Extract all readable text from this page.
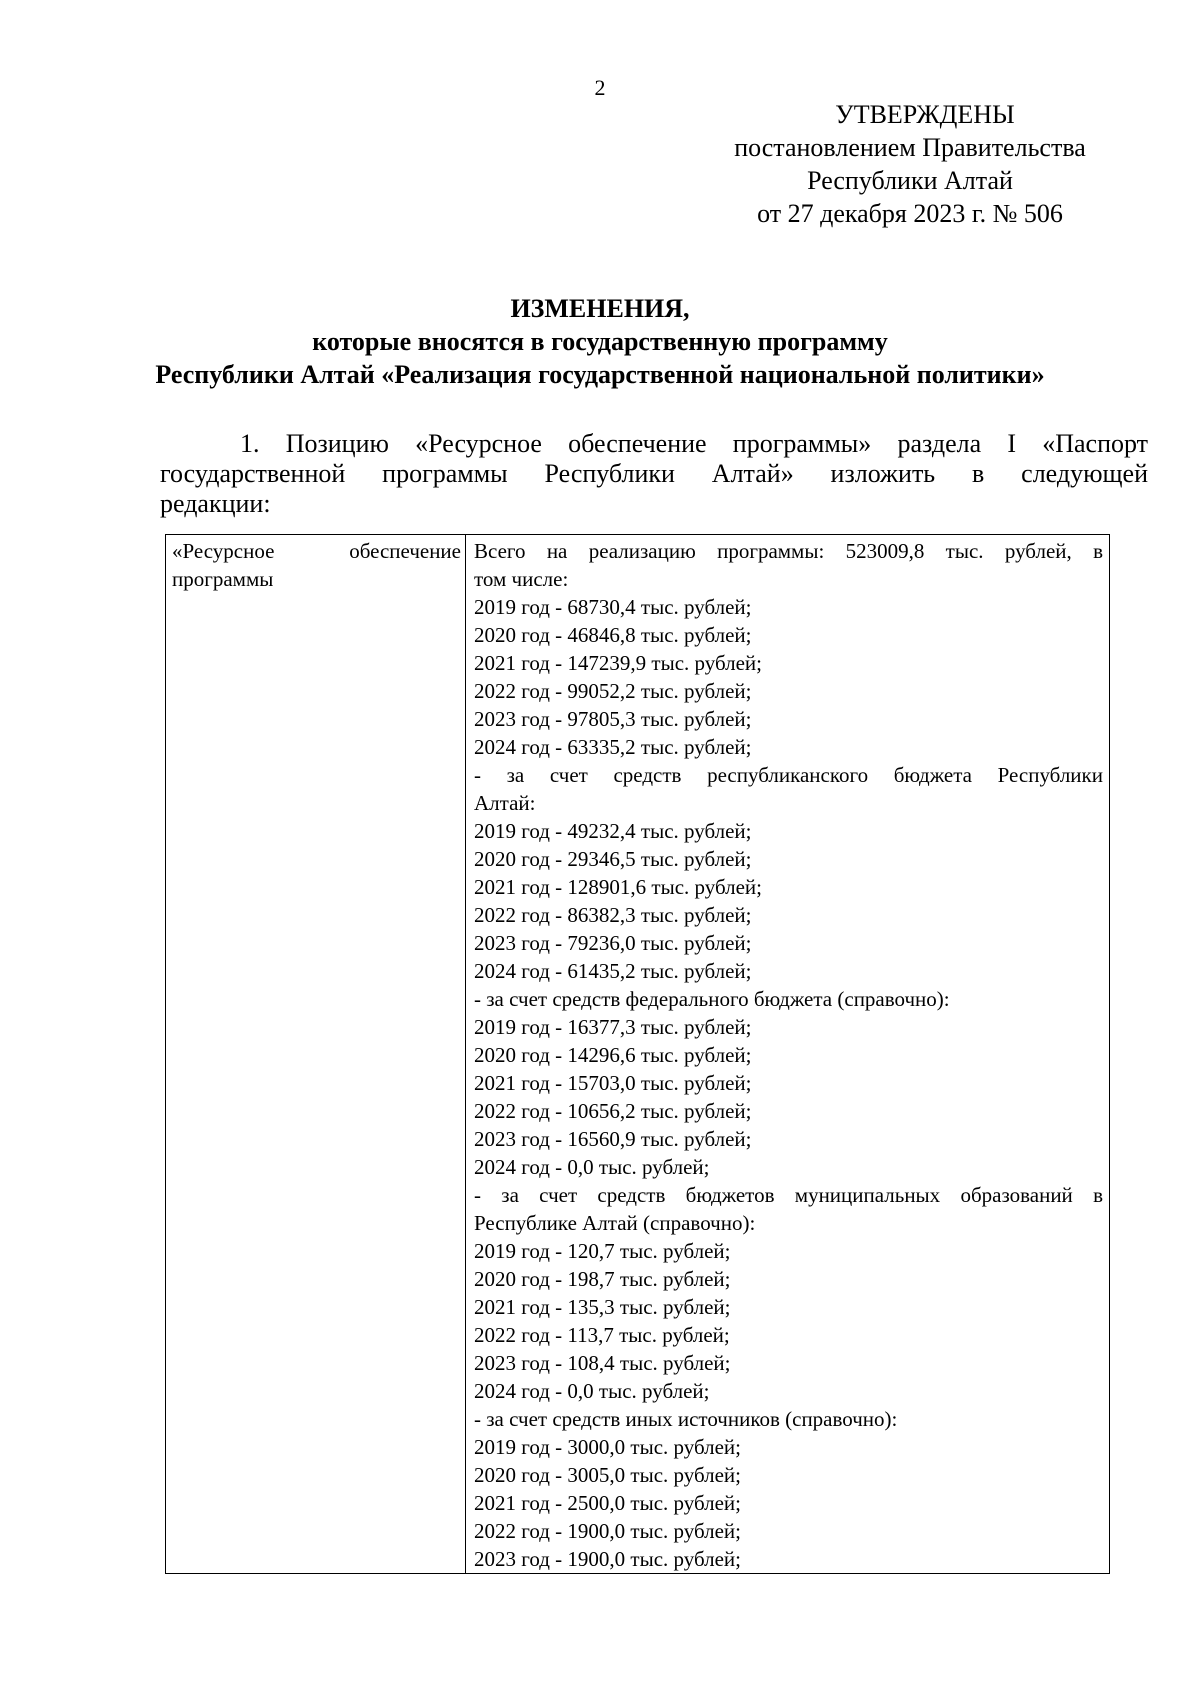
2
УТВЕРЖДЕНЫ
постановлением Правительства
Республики Алтай
от 27 декабря 2023 г. № 506
ИЗМЕНЕНИЯ,
которые вносятся в государственную программу
Республики Алтай «Реализация государственной национальной политики»
1. Позицию «Ресурсное обеспечение программы» раздела I «Паспорт
государственной программы Республики Алтай» изложить в следующей
редакции:
«Ресурсное обеспечение
программы
Всего на реализацию программы: 523009,8 тыс. рублей, в
том числе:
2019 год - 68730,4 тыс. рублей;
2020 год - 46846,8 тыс. рублей;
2021 год - 147239,9 тыс. рублей;
2022 год - 99052,2 тыс. рублей;
2023 год - 97805,3 тыс. рублей;
2024 год - 63335,2 тыс. рублей;
- за счет средств республиканского бюджета Республики
Алтай:
2019 год - 49232,4 тыс. рублей;
2020 год - 29346,5 тыс. рублей;
2021 год - 128901,6 тыс. рублей;
2022 год - 86382,3 тыс. рублей;
2023 год - 79236,0 тыс. рублей;
2024 год - 61435,2 тыс. рублей;
- за счет средств федерального бюджета (справочно):
2019 год - 16377,3 тыс. рублей;
2020 год - 14296,6 тыс. рублей;
2021 год - 15703,0 тыс. рублей;
2022 год - 10656,2 тыс. рублей;
2023 год - 16560,9 тыс. рублей;
2024 год - 0,0 тыс. рублей;
- за счет средств бюджетов муниципальных образований в
Республике Алтай (справочно):
2019 год - 120,7 тыс. рублей;
2020 год - 198,7 тыс. рублей;
2021 год - 135,3 тыс. рублей;
2022 год - 113,7 тыс. рублей;
2023 год - 108,4 тыс. рублей;
2024 год - 0,0 тыс. рублей;
- за счет средств иных источников (справочно):
2019 год - 3000,0 тыс. рублей;
2020 год - 3005,0 тыс. рублей;
2021 год - 2500,0 тыс. рублей;
2022 год - 1900,0 тыс. рублей;
2023 год - 1900,0 тыс. рублей;
